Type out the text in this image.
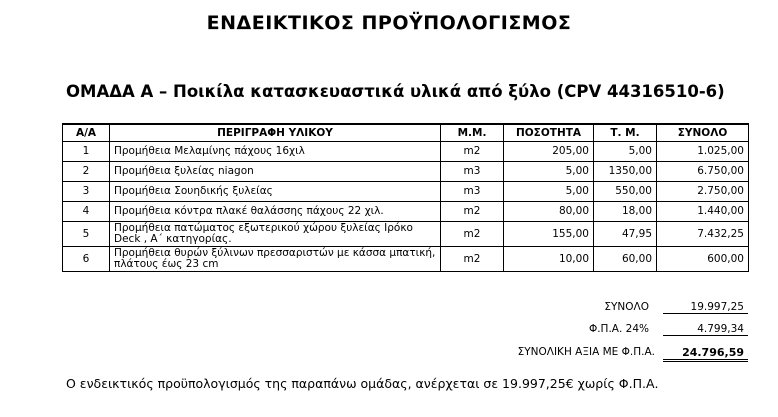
ΕΝΔΕΙΚΤΙΚΟΣ ΠΡΟΫΠΟΛΟΓΙΣΜΟΣ
ΟΜΑΔΑ Α – Ποικίλα κατασκευαστικά υλικά από ξύλο (CPV 44316510-6)
Α/Α	ΠΕΡΙΓΡΑΦΗ ΥΛΙΚΟΥ	Μ.Μ.	ΠΟΣΟΤΗΤΑ	Τ. Μ.	ΣΥΝΟΛΟ
1	Προμήθεια Μελαμίνης πάχους 16χιλ	m2	205,00	5,00	1.025,00
2	Προμήθεια ξυλείας niagon	m3	5,00	1350,00	6.750,00
3	Προμήθεια Σουηδικής ξυλείας	m3	5,00	550,00	2.750,00
4	Προμήθεια κόντρα πλακέ θαλάσσης πάχους 22 χιλ.	m2	80,00	18,00	1.440,00
5	Προμήθεια πατώματος εξωτερικού χώρου ξυλείας Ιρόκο Deck , Α΄ κατηγορίας.	m2	155,00	47,95	7.432,25
6	Προμήθεια θυρών ξύλινων πρεσσαριστών με κάσσα μπατική, πλάτους έως 23 cm	m2	10,00	60,00	600,00
ΣΥΝΟΛΟ	19.997,25
Φ.Π.Α. 24%	4.799,34
ΣΥΝΟΛΙΚΗ ΑΞΙΑ ΜΕ Φ.Π.Α.	24.796,59
Ο ενδεικτικός προϋπολογισμός της παραπάνω ομάδας, ανέρχεται σε 19.997,25€ χωρίς Φ.Π.Α.
